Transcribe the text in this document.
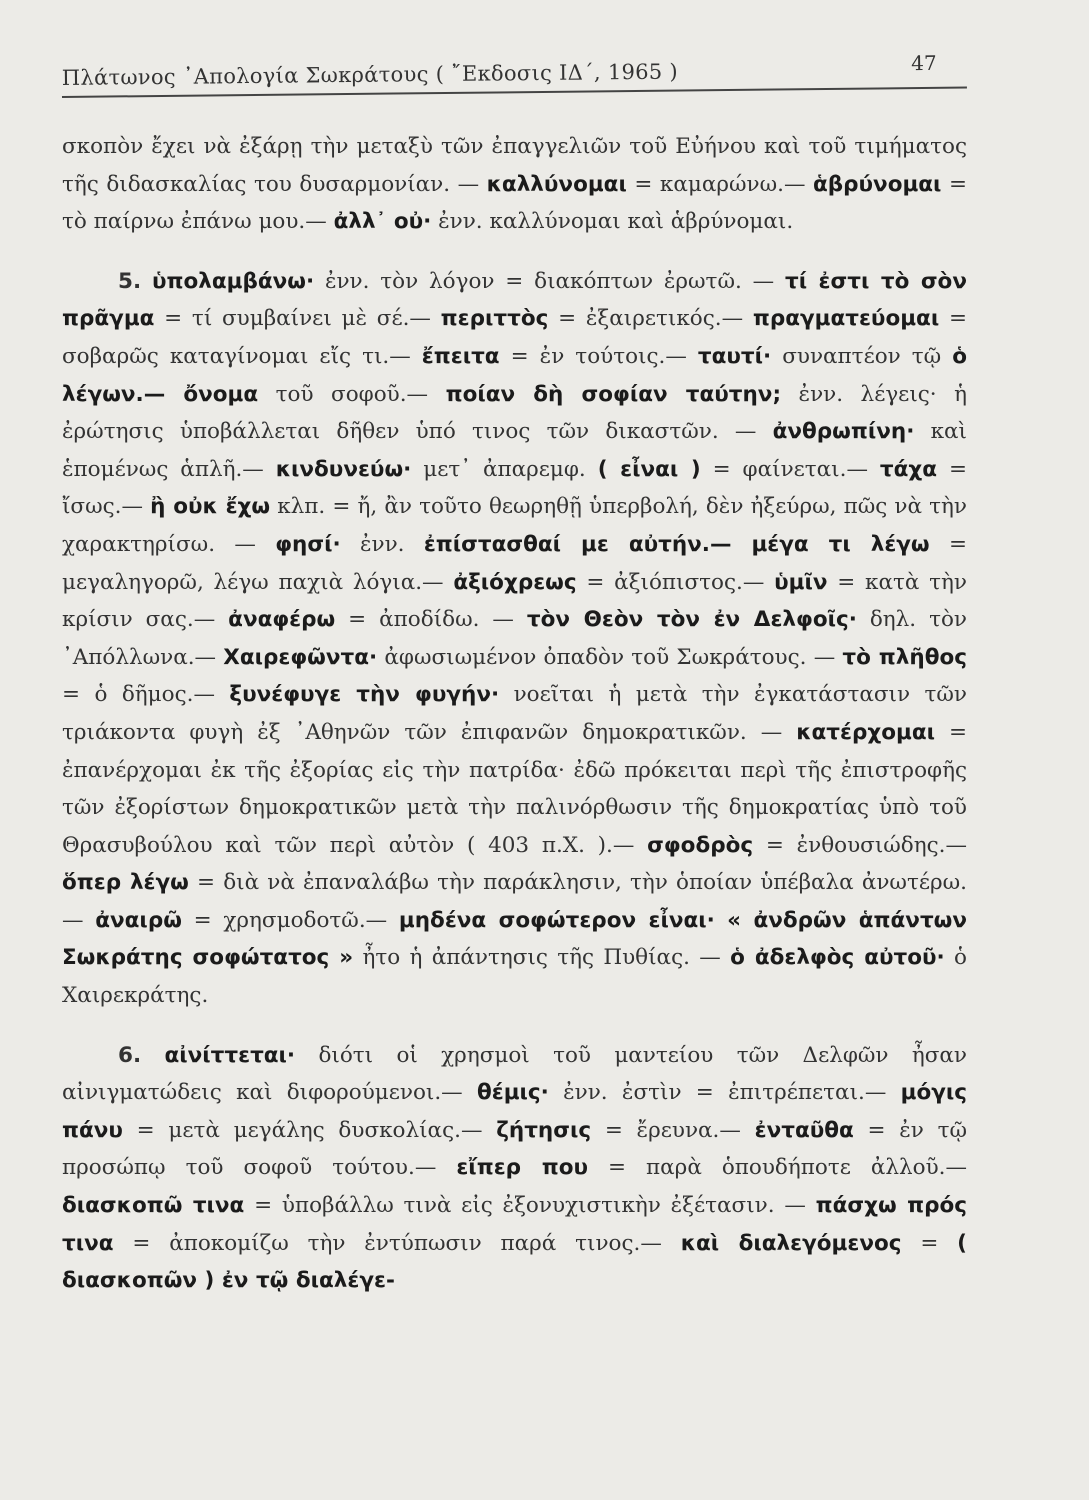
Πλάτωνος ᾽Απολογία Σωκράτους ( ῎Εκδοσις ΙΔ΄, 1965 )	47

σκοπὸν ἔχει νὰ ἐξάρῃ τὴν μεταξὺ τῶν ἐπαγγελιῶν τοῦ Εὐήνου καὶ τοῦ τιμήματος τῆς διδασκαλίας του δυσαρμονίαν. — καλλύνομαι = καμαρώνω.— ἁβρύνομαι = τὸ παίρνω ἐπάνω μου.— ἀλλ᾽ οὐ· ἐνν. καλλύνομαι καὶ ἁβρύνομαι.

5. ὑπολαμβάνω· ἐνν. τὸν λόγον = διακόπτων ἐρωτῶ. — τί ἐστι τὸ σὸν πρᾶγμα = τί συμβαίνει μὲ σέ.— περιττὸς = ἐξαιρετικός.— πραγματεύομαι = σοβαρῶς καταγίνομαι εἴς τι.— ἔπειτα = ἐν τούτοις.— ταυτί· συναπτέον τῷ ὁ λέγων.— ὄνομα τοῦ σοφοῦ.— ποίαν δὴ σοφίαν ταύτην; ἐνν. λέγεις· ἡ ἐρώτησις ὑποβάλλεται δῆθεν ὑπό τινος τῶν δικαστῶν. — ἀνθρωπίνη· καὶ ἑπομένως ἁπλῆ.— κινδυνεύω· μετ᾽ ἀπαρεμφ. ( εἶναι ) = φαίνεται.— τάχα = ἴσως.— ἢ οὐκ ἔχω κλπ. = ἤ, ἂν τοῦτο θεωρηθῇ ὑπερβολή, δὲν ἠξεύρω, πῶς νὰ τὴν χαρακτηρίσω. — φησί· ἐνν. ἐπίστασθαί με αὐτήν.— μέγα τι λέγω = μεγαληγορῶ, λέγω παχιὰ λόγια.— ἀξιόχρεως = ἀξιόπιστος.— ὑμῖν = κατὰ τὴν κρίσιν σας.— ἀναφέρω = ἀποδίδω. — τὸν Θεὸν τὸν ἐν Δελφοῖς· δηλ. τὸν ᾽Απόλλωνα.— Χαιρεφῶντα· ἀφωσιωμένον ὀπαδὸν τοῦ Σωκράτους. — τὸ πλῆθος = ὁ δῆμος.— ξυνέφυγε τὴν φυγήν· νοεῖται ἡ μετὰ τὴν ἐγκατάστασιν τῶν τριάκοντα φυγὴ ἐξ ᾽Αθηνῶν τῶν ἐπιφανῶν δημοκρατικῶν. — κατέρχομαι = ἐπανέρχομαι ἐκ τῆς ἐξορίας εἰς τὴν πατρίδα· ἐδῶ πρόκειται περὶ τῆς ἐπιστροφῆς τῶν ἐξορίστων δημοκρατικῶν μετὰ τὴν παλινόρθωσιν τῆς δημοκρατίας ὑπὸ τοῦ Θρασυβούλου καὶ τῶν περὶ αὐτὸν ( 403 π.Χ. ).— σφοδρὸς = ἐνθουσιώδης.— ὅπερ λέγω = διὰ νὰ ἐπαναλάβω τὴν παράκλησιν, τὴν ὁποίαν ὑπέβαλα ἀνωτέρω.— ἀναιρῶ = χρησμοδοτῶ.— μηδένα σοφώτερον εἶναι· « ἀνδρῶν ἁπάντων Σωκράτης σοφώτατος » ἦτο ἡ ἀπάντησις τῆς Πυθίας. — ὁ ἀδελφὸς αὐτοῦ· ὁ Χαιρεκράτης.

6. αἰνίττεται· διότι οἱ χρησμοὶ τοῦ μαντείου τῶν Δελφῶν ἦσαν αἰνιγματώδεις καὶ διφορούμενοι.— θέμις· ἐνν. ἐστὶν = ἐπιτρέπεται.— μόγις πάνυ = μετὰ μεγάλης δυσκολίας.— ζήτησις = ἔρευνα.— ἐνταῦθα = ἐν τῷ προσώπῳ τοῦ σοφοῦ τούτου.— εἴπερ που = παρὰ ὁπουδήποτε ἀλλοῦ.— διασκοπῶ τινα = ὑποβάλλω τινὰ εἰς ἐξονυχιστικὴν ἐξέτασιν. — πάσχω πρός τινα = ἀποκομίζω τὴν ἐντύπωσιν παρά τινος.— καὶ διαλεγόμενος = ( διασκοπῶν ) ἐν τῷ διαλέγε-
